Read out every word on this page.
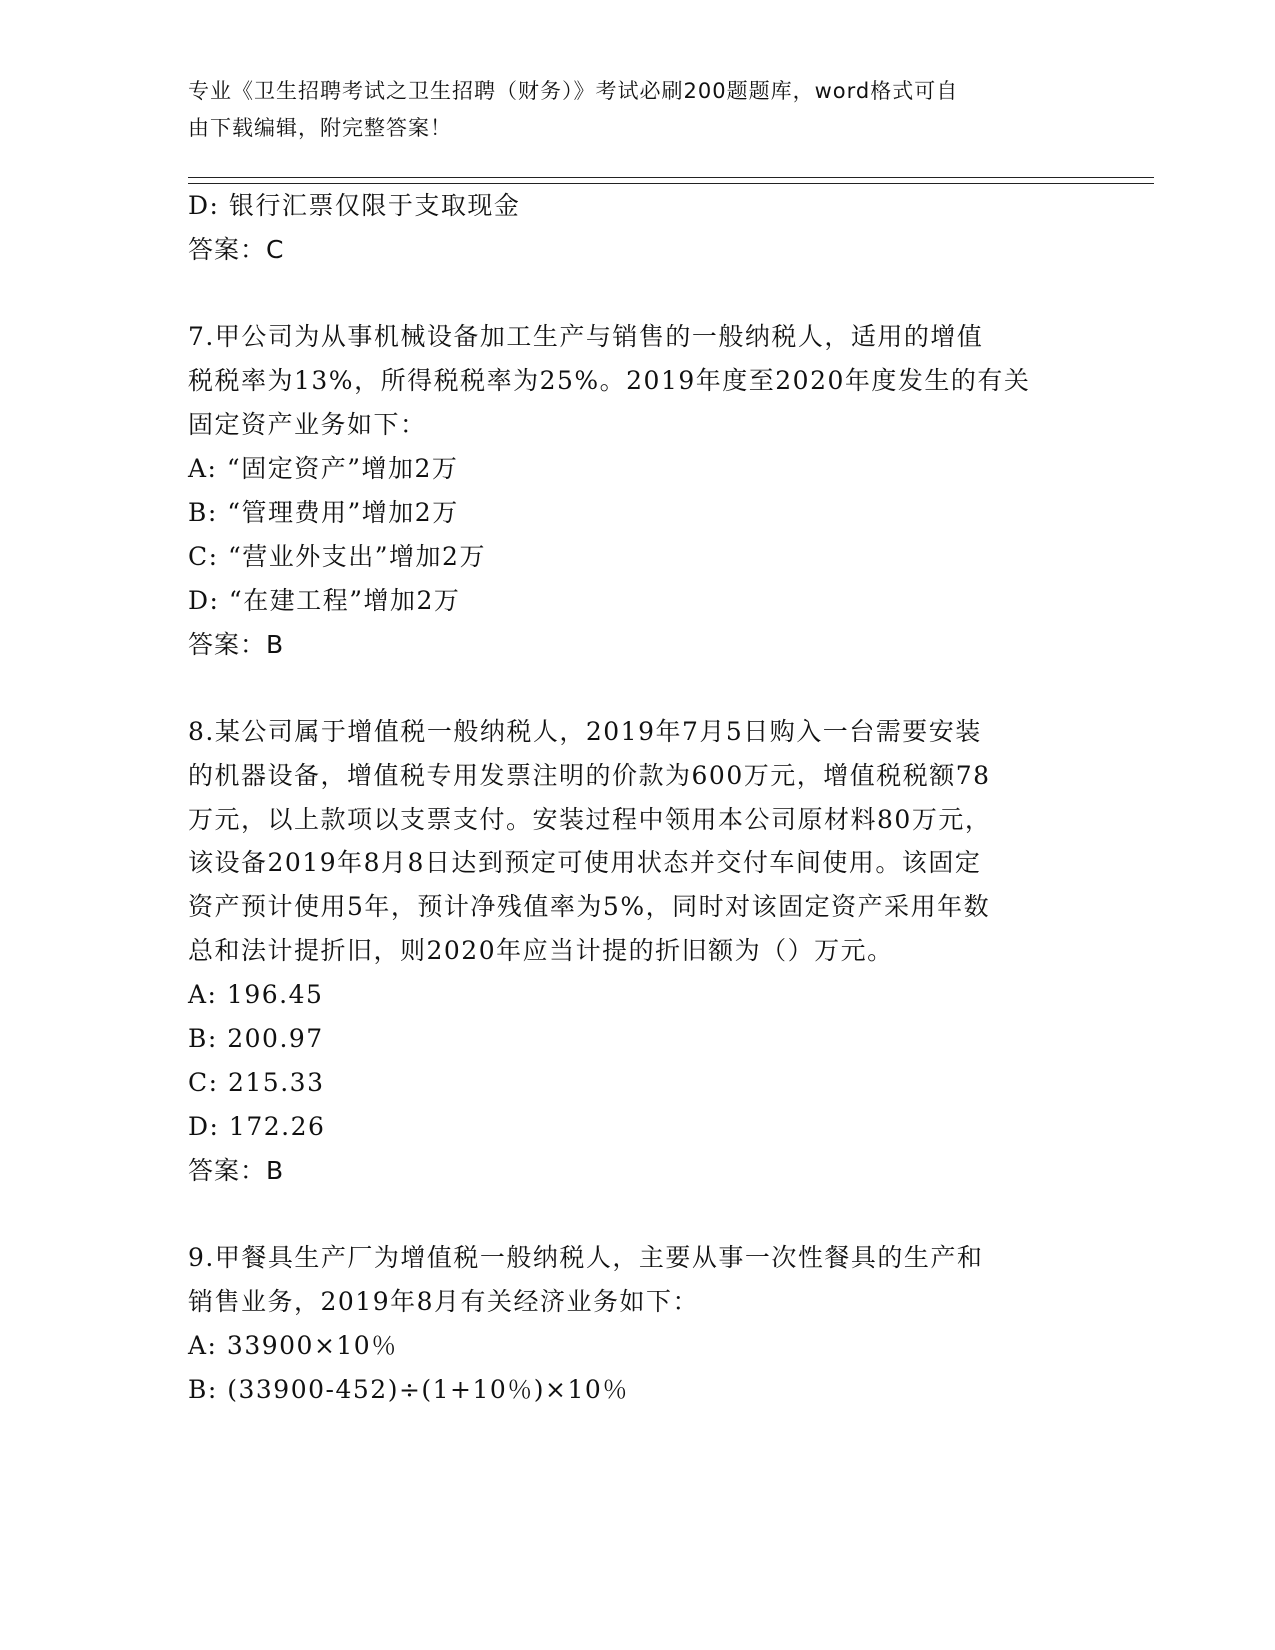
专业《卫生招聘考试之卫生招聘（财务）》考试必刷200题题库，word格式可自
由下载编辑，附完整答案！
D: 银行汇票仅限于支取现金
答案：C
7.甲公司为从事机械设备加工生产与销售的一般纳税人，适用的增值
税税率为13%，所得税税率为25%。2019年度至2020年度发生的有关
固定资产业务如下：
A: “固定资产”增加2万
B: “管理费用”增加2万
C: “营业外支出”增加2万
D: “在建工程”增加2万
答案：B
8.某公司属于增值税一般纳税人，2019年7月5日购入一台需要安装
的机器设备，增值税专用发票注明的价款为600万元，增值税税额78
万元，以上款项以支票支付。安装过程中领用本公司原材料80万元，
该设备2019年8月8日达到预定可使用状态并交付车间使用。该固定
资产预计使用5年，预计净残值率为5%，同时对该固定资产采用年数
总和法计提折旧，则2020年应当计提的折旧额为（）万元。
A: 196.45
B: 200.97
C: 215.33
D: 172.26
答案：B
9.甲餐具生产厂为增值税一般纳税人，主要从事一次性餐具的生产和
销售业务，2019年8月有关经济业务如下：
A: 33900×10％
B: (33900-452)÷(1+10％)×10％
